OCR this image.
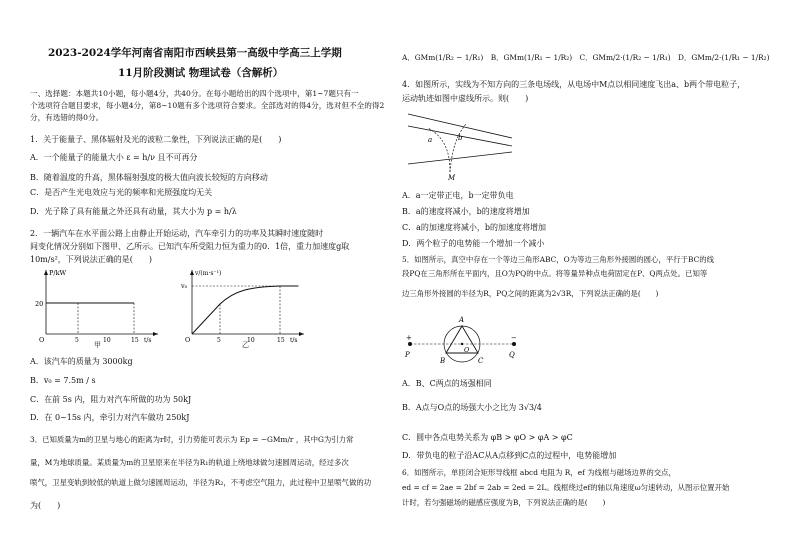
2023-2024学年河南省南阳市西峡县第一高级中学高三上学期
11月阶段测试 物理试卷（含解析）
一、选择题：本题共10小题，每小题4分，共40分。在每小题给出的四个选项中，第1~7题只有一
个选项符合题目要求，每小题4分，第8~10题有多个选项符合要求。全部选对的得4分，选对但不全的得2
分，有选错的得0分。
1．关于能量子、黑体辐射及光的波粒二象性，下列说法正确的是(　　)
A．一个能量子的能量大小 ε = h/ν 且不可再分
B．随着温度的升高，黑体辐射强度的极大值向波长较短的方向移动
C．是否产生光电效应与光的频率和光照强度均无关
D．光子除了具有能量之外还具有动量，其大小为 p = h/λ
2．一辆汽车在水平面公路上由静止开始运动，汽车牵引力的功率及其瞬时速度随时
间变化情况分别如下图甲、乙所示。已知汽车所受阻力恒为重力的0．1倍，重力加速度g取
10m/s²，下列说法正确的是(　　)
P/kW
20
O	5	10	15 t/s
甲
v/(m·s⁻¹)
v₀
O	5	10	15 t/s
乙
A．该汽车的质量为 3000kg
B．v₀ = 7.5m / s
C．在前 5s 内，阻力对汽车所做的功为 50kJ
D．在 0~15s 内，牵引力对汽车做功 250kJ
3．已知质量为m的卫星与地心的距离为r时，引力势能可表示为 Ep = −GMm/r ，其中G为引力常
量，M为地球质量。某质量为m的卫星原来在半径为R₁的轨道上绕地球做匀速圆周运动，经过多次
喷气，卫星变轨到较低的轨道上做匀速圆周运动，半径为R₂，不考虑空气阻力，此过程中卫星喷气做的功
为(　　)
A．GMm(1/R₂ − 1/R₁)　B．GMm(1/R₁ − 1/R₂)　C．GMm/2·(1/R₂ − 1/R₁)　D．GMm/2·(1/R₁ − 1/R₂)
4．如图所示，实线为不知方向的三条电场线，从电场中M点以相同速度飞出a、b两个带电粒子，
运动轨迹如图中虚线所示。则(　　)
a	b
M
A．a一定带正电，b一定带负电
B．a的速度将减小，b的速度将增加
C．a的加速度将减小，b的加速度将增加
D．两个粒子的电势能一个增加一个减小
5．如图所示，真空中存在一个等边三角形ABC，O为等边三角形外接圆的圆心，平行于BC的线
段PQ在三角形所在平面内，且O为PQ的中点。将等量异种点电荷固定在P、Q两点处。已知等
边三角形外接圆的半径为R，PQ之间的距离为2√3R，下列说法正确的是(　　)
A
B	C
O
P	Q
+	−
A．B、C两点的场强相同
B．A点与O点的场强大小之比为 3√3/4
C．圆中各点电势关系为 φB > φO > φA > φC
D．带负电的粒子沿AC从A点移到C点的过程中，电势能增加
6．如图所示，单匝闭合矩形导线框 abcd 电阻为 R，ef 为线框与磁场边界的交点，
ed = cf = 2ae = 2bf = 2ab = 2ed = 2L。线框绕过ef的轴以角速度ω匀速转动，从图示位置开始
计时，若匀强磁场的磁感应强度为B，下列说法正确的是(　　)
